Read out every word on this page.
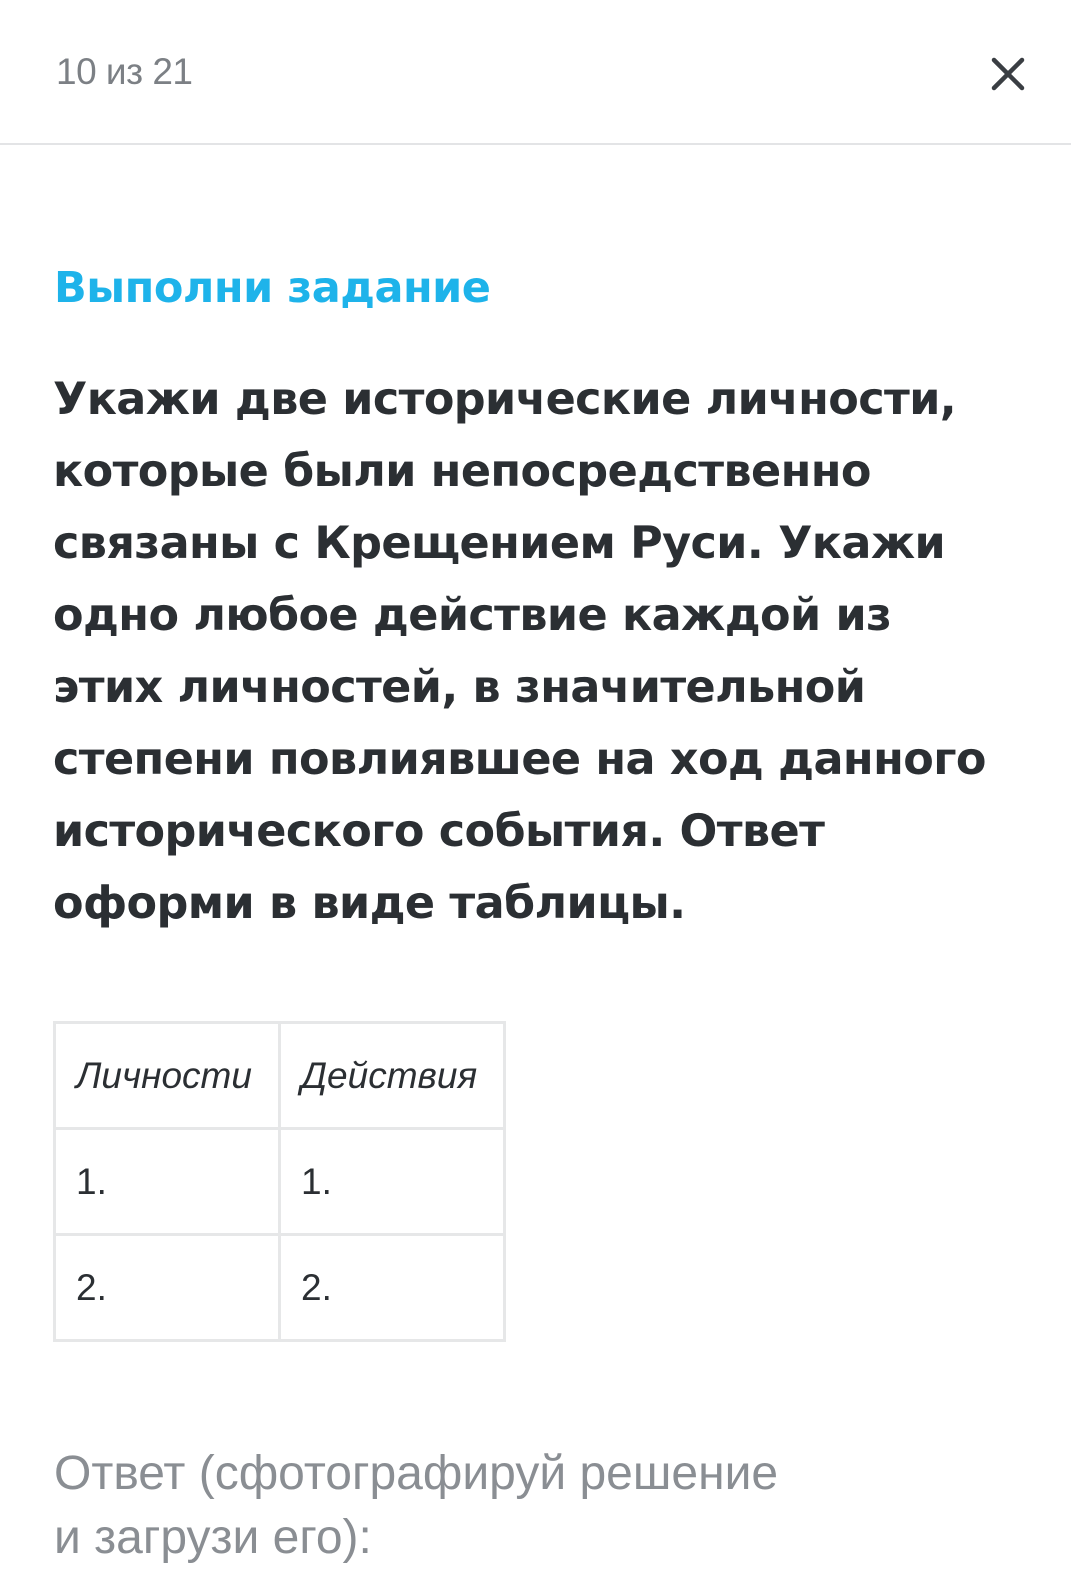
10 из 21
Выполни задание
Укажи две исторические личности,
которые были непосредственно
связаны с Крещением Руси. Укажи
одно любое действие каждой из
этих личностей, в значительной
степени повлиявшее на ход данного
исторического события. Ответ
оформи в виде таблицы.
Личности	Действия
1.	1.
2.	2.
Ответ (сфотографируй решение
и загрузи его):
